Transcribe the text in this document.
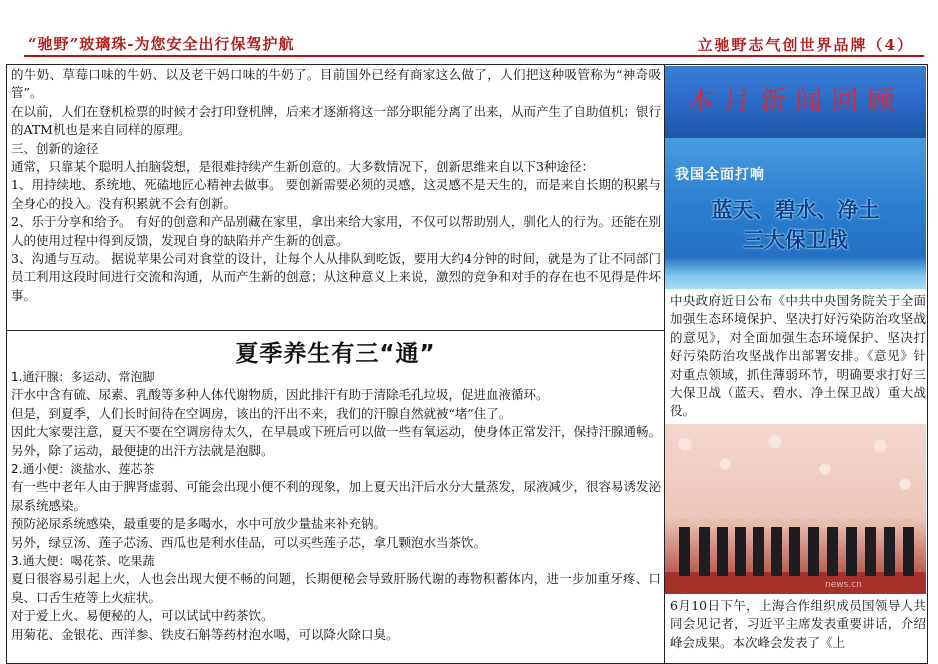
“驰野”玻璃珠-为您安全出行保驾护航	立驰野志气创世界品牌（4）

的牛奶、草莓口味的牛奶、以及老干妈口味的牛奶了。目前国外已经有商家这么做了，人们把这种吸管称为“神奇吸管”。

在以前，人们在登机检票的时候才会打印登机牌，后来才逐渐将这一部分职能分离了出来，从而产生了自助值机；银行的ATM机也是来自同样的原理。

三、创新的途径

通常，只靠某个聪明人拍脑袋想，是很难持续产生新创意的。大多数情况下，创新思维来自以下3种途径：

1、用持续地、系统地、死磕地匠心精神去做事。 要创新需要必须的灵感，这灵感不是天生的，而是来自长期的积累与全身心的投入。没有积累就不会有创新。

2、乐于分享和给予。 有好的创意和产品别藏在家里，拿出来给大家用，不仅可以帮助别人，驯化人的行为。还能在别人的使用过程中得到反馈，发现自身的缺陷并产生新的创意。

3、沟通与互动。 据说苹果公司对食堂的设计，让每个人从排队到吃饭，要用大约4分钟的时间，就是为了让不同部门员工利用这段时间进行交流和沟通，从而产生新的创意；从这种意义上来说，激烈的竞争和对手的存在也不见得是件坏事。

夏季养生有三“通”

1.通汗腺：多运动、常泡脚

汗水中含有硫、尿素、乳酸等多种人体代谢物质，因此排汗有助于清除毛孔垃圾，促进血液循环。

但是，到夏季，人们长时间待在空调房，该出的汗出不来，我们的汗腺自然就被“堵”住了。

因此大家要注意，夏天不要在空调房待太久，在早晨或下班后可以做一些有氧运动，使身体正常发汗，保持汗腺通畅。另外，除了运动，最便捷的出汗方法就是泡脚。

2.通小便：淡盐水、莲芯茶

有一些中老年人由于脾肾虚弱、可能会出现小便不利的现象，加上夏天出汗后水分大量蒸发，尿液减少，很容易诱发泌尿系统感染。

预防泌尿系统感染，最重要的是多喝水，水中可放少量盐来补充钠。

另外，绿豆汤、莲子芯汤、西瓜也是利水佳品，可以买些莲子芯，拿几颗泡水当茶饮。

3.通大便：喝花茶、吃果蔬

夏日很容易引起上火，人也会出现大便不畅的问题，长期便秘会导致肝肠代谢的毒物积蓄体内，进一步加重牙疼、口臭、口舌生疮等上火症状。

对于爱上火、易便秘的人，可以试试中药茶饮。

用菊花、金银花、西洋参、铁皮石斛等药材泡水喝，可以降火除口臭。

本月新闻回顾
我国全面打响
蓝天、碧水、净土
三大保卫战
中央政府近日公布《中共中央国务院关于全面加强生态环境保护、坚决打好污染防治攻坚战的意见》，对全面加强生态环境保护、坚决打好污染防治攻坚战作出部署安排。《意见》针对重点领域，抓住薄弱环节，明确要求打好三大保卫战（蓝天、碧水、净土保卫战）重大战役。
news.cn
6月10日下午，上海合作组织成员国领导人共同会见记者，习近平主席发表重要讲话，介绍峰会成果。本次峰会发表了《上
